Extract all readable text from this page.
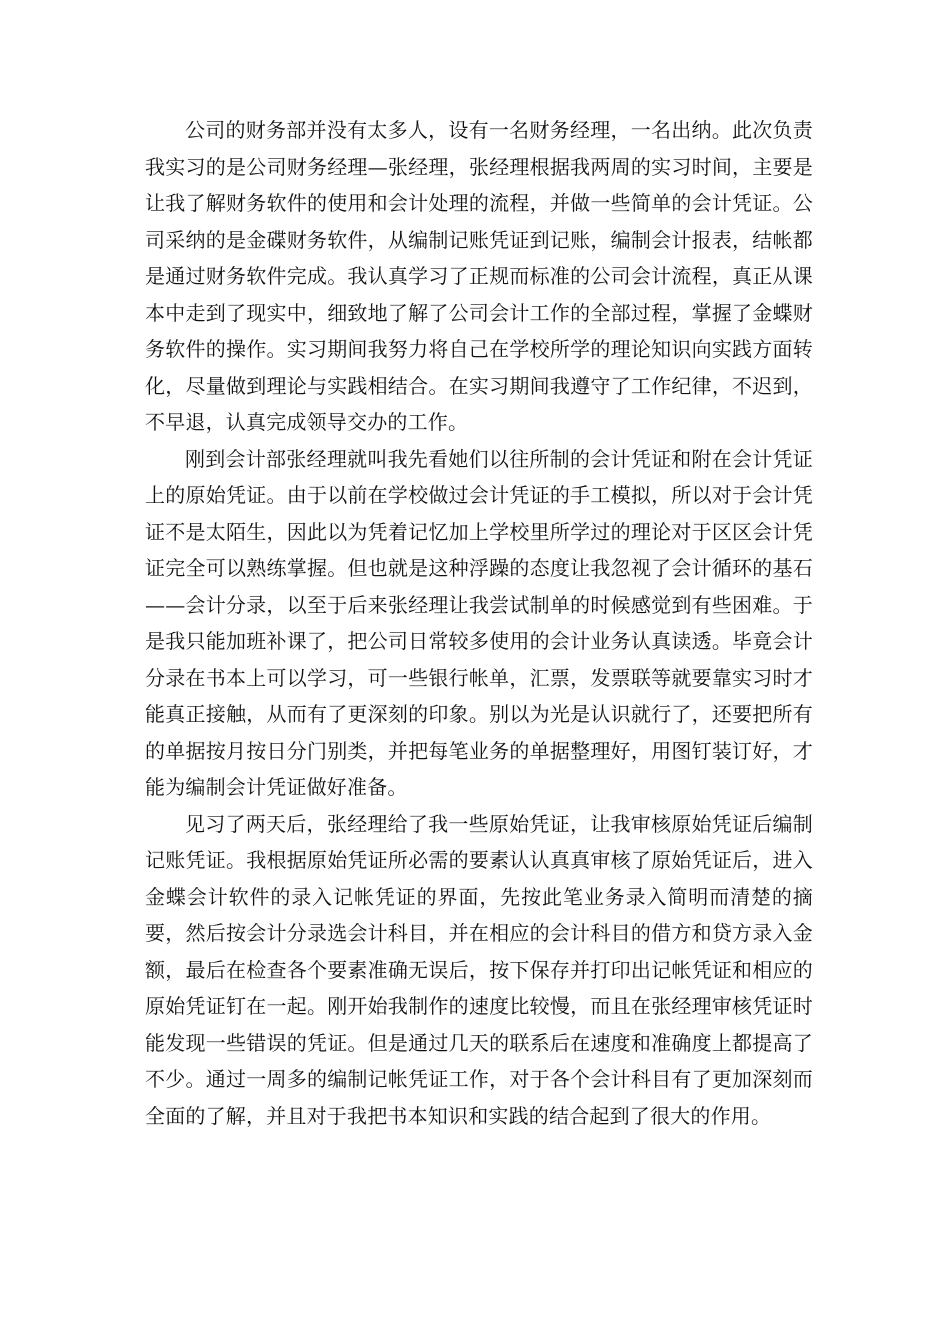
公司的财务部并没有太多人，设有一名财务经理，一名出纳。此次负责我实习的是公司财务经理—张经理，张经理根据我两周的实习时间，主要是让我了解财务软件的使用和会计处理的流程，并做一些简单的会计凭证。公司采纳的是金碟财务软件，从编制记账凭证到记账，编制会计报表，结帐都是通过财务软件完成。我认真学习了正规而标准的公司会计流程，真正从课本中走到了现实中，细致地了解了公司会计工作的全部过程，掌握了金蝶财务软件的操作。实习期间我努力将自己在学校所学的理论知识向实践方面转化，尽量做到理论与实践相结合。在实习期间我遵守了工作纪律，不迟到，不早退，认真完成领导交办的工作。

刚到会计部张经理就叫我先看她们以往所制的会计凭证和附在会计凭证上的原始凭证。由于以前在学校做过会计凭证的手工模拟，所以对于会计凭证不是太陌生，因此以为凭着记忆加上学校里所学过的理论对于区区会计凭证完全可以熟练掌握。但也就是这种浮躁的态度让我忽视了会计循环的基石——会计分录，以至于后来张经理让我尝试制单的时候感觉到有些困难。于是我只能加班补课了，把公司日常较多使用的会计业务认真读透。毕竟会计分录在书本上可以学习，可一些银行帐单，汇票，发票联等就要靠实习时才能真正接触，从而有了更深刻的印象。别以为光是认识就行了，还要把所有的单据按月按日分门别类，并把每笔业务的单据整理好，用图钉装订好，才能为编制会计凭证做好准备。

见习了两天后，张经理给了我一些原始凭证，让我审核原始凭证后编制记账凭证。我根据原始凭证所必需的要素认认真真审核了原始凭证后，进入金蝶会计软件的录入记帐凭证的界面，先按此笔业务录入简明而清楚的摘要，然后按会计分录选会计科目，并在相应的会计科目的借方和贷方录入金额，最后在检查各个要素准确无误后，按下保存并打印出记帐凭证和相应的原始凭证钉在一起。刚开始我制作的速度比较慢，而且在张经理审核凭证时能发现一些错误的凭证。但是通过几天的联系后在速度和准确度上都提高了不少。通过一周多的编制记帐凭证工作，对于各个会计科目有了更加深刻而全面的了解，并且对于我把书本知识和实践的结合起到了很大的作用。
